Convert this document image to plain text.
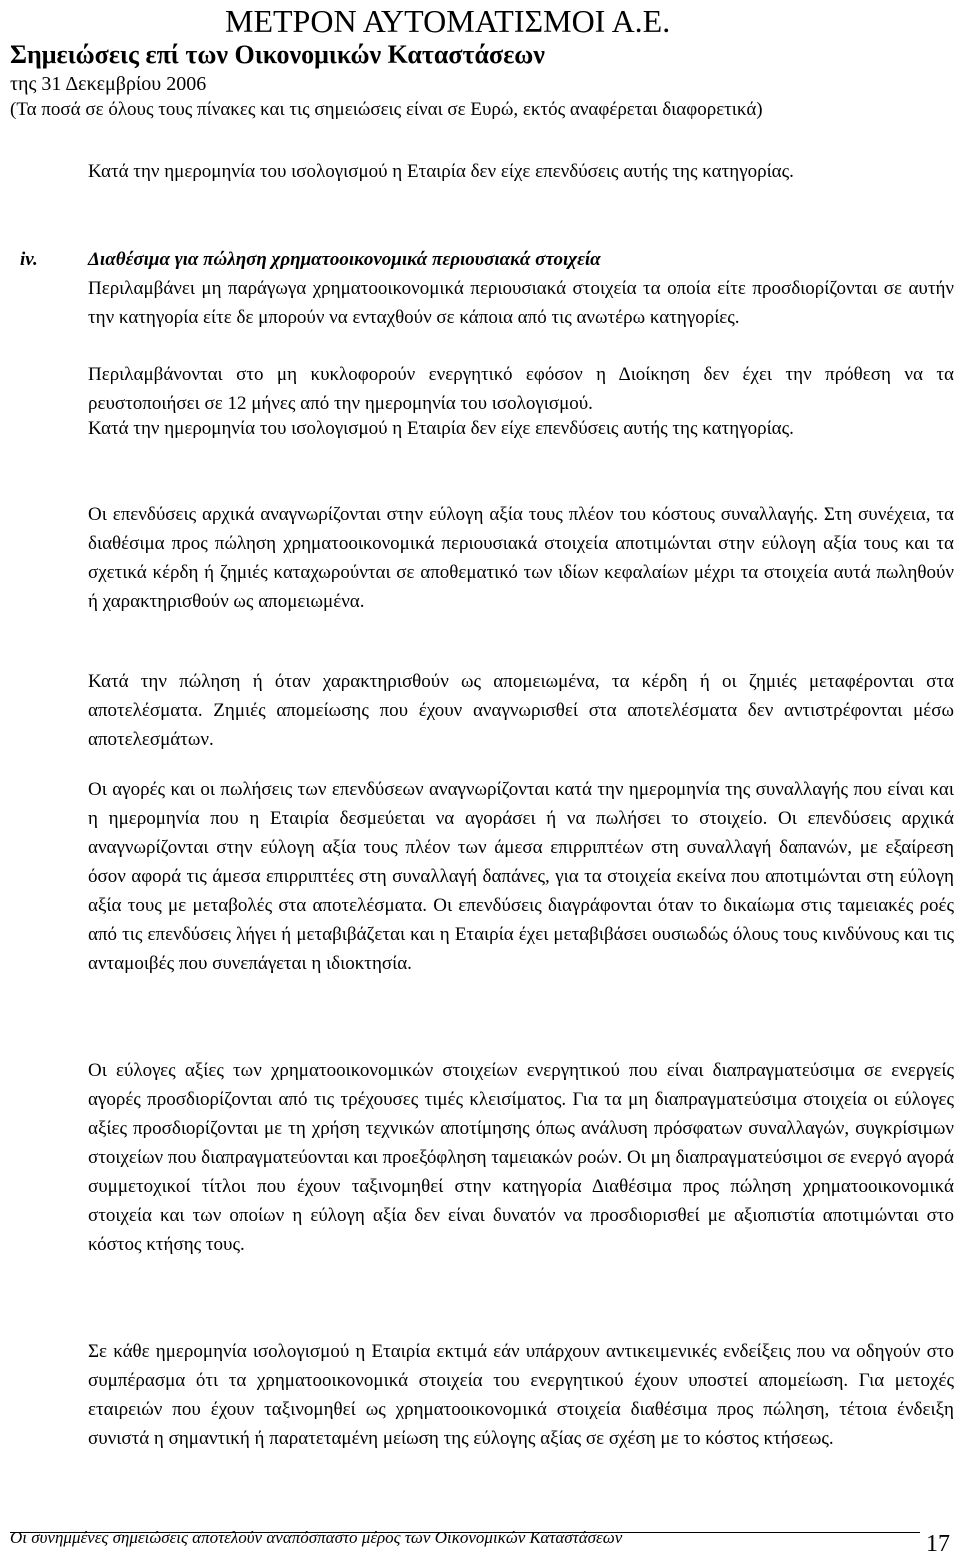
ΜΕΤΡΟΝ ΑΥΤΟΜΑΤΙΣΜΟΙ Α.Ε.
Σημειώσεις επί των Οικονομικών Καταστάσεων
της 31 Δεκεμβρίου 2006
(Τα ποσά σε όλους τους πίνακες και τις σημειώσεις είναι σε Ευρώ, εκτός αναφέρεται διαφορετικά)

Κατά την ημερομηνία του ισολογισμού η Εταιρία δεν είχε επενδύσεις αυτής της κατηγορίας.

iv.	Διαθέσιμα για πώληση χρηματοοικονομικά περιουσιακά στοιχεία

Περιλαμβάνει μη παράγωγα χρηματοοικονομικά περιουσιακά στοιχεία τα οποία είτε προσδιορίζονται σε αυτήν την κατηγορία είτε δε μπορούν να ενταχθούν σε κάποια από τις ανωτέρω κατηγορίες.

Περιλαμβάνονται στο μη κυκλοφορούν ενεργητικό εφόσον η Διοίκηση δεν έχει την πρόθεση να τα ρευστοποιήσει σε 12 μήνες από την ημερομηνία του ισολογισμού.

Κατά την ημερομηνία του ισολογισμού η Εταιρία δεν είχε επενδύσεις αυτής της κατηγορίας.

Οι επενδύσεις αρχικά αναγνωρίζονται στην εύλογη αξία τους πλέον του κόστους συναλλαγής. Στη συνέχεια, τα διαθέσιμα προς πώληση χρηματοοικονομικά περιουσιακά στοιχεία αποτιμώνται στην εύλογη αξία τους και τα σχετικά κέρδη ή ζημιές καταχωρούνται σε αποθεματικό των ιδίων κεφαλαίων μέχρι τα στοιχεία αυτά πωληθούν ή χαρακτηρισθούν ως απομειωμένα.

Κατά την πώληση ή όταν χαρακτηρισθούν ως απομειωμένα, τα κέρδη ή οι ζημιές μεταφέρονται στα αποτελέσματα. Ζημιές απομείωσης που έχουν αναγνωρισθεί στα αποτελέσματα δεν αντιστρέφονται μέσω αποτελεσμάτων.

Οι αγορές και οι πωλήσεις των επενδύσεων αναγνωρίζονται κατά την ημερομηνία της συναλλαγής που είναι και η ημερομηνία που η Εταιρία δεσμεύεται να αγοράσει ή να πωλήσει το στοιχείο. Οι επενδύσεις αρχικά αναγνωρίζονται στην εύλογη αξία τους πλέον των άμεσα επιρριπτέων στη συναλλαγή δαπανών, με εξαίρεση όσον αφορά τις άμεσα επιρριπτέες στη συναλλαγή δαπάνες, για τα στοιχεία εκείνα που αποτιμώνται στη εύλογη αξία τους με μεταβολές στα αποτελέσματα. Οι επενδύσεις διαγράφονται όταν το δικαίωμα στις ταμειακές ροές από τις επενδύσεις λήγει ή μεταβιβάζεται και η Εταιρία έχει μεταβιβάσει ουσιωδώς όλους τους κινδύνους και τις ανταμοιβές που συνεπάγεται η ιδιοκτησία.

Οι εύλογες αξίες των χρηματοοικονομικών στοιχείων ενεργητικού που είναι διαπραγματεύσιμα σε ενεργείς αγορές προσδιορίζονται από τις τρέχουσες τιμές κλεισίματος. Για τα μη διαπραγματεύσιμα στοιχεία οι εύλογες αξίες προσδιορίζονται με τη χρήση τεχνικών αποτίμησης όπως ανάλυση πρόσφατων συναλλαγών, συγκρίσιμων στοιχείων που διαπραγματεύονται και προεξόφληση ταμειακών ροών. Οι μη διαπραγματεύσιμοι σε ενεργό αγορά συμμετοχικοί τίτλοι που έχουν ταξινομηθεί στην κατηγορία Διαθέσιμα προς πώληση χρηματοοικονομικά στοιχεία και των οποίων η εύλογη αξία δεν είναι δυνατόν να προσδιορισθεί με αξιοπιστία αποτιμώνται στο κόστος κτήσης τους.

Σε κάθε ημερομηνία ισολογισμού η Εταιρία εκτιμά εάν υπάρχουν αντικειμενικές ενδείξεις που να οδηγούν στο συμπέρασμα ότι τα χρηματοοικονομικά στοιχεία του ενεργητικού έχουν υποστεί απομείωση. Για μετοχές εταιρειών που έχουν ταξινομηθεί ως χρηματοοικονομικά στοιχεία διαθέσιμα προς πώληση, τέτοια ένδειξη συνιστά η σημαντική ή παρατεταμένη μείωση της εύλογης αξίας σε σχέση με το κόστος κτήσεως.

Οι συνημμένες σημειώσεις αποτελούν αναπόσπαστο μέρος των Οικονομικών Καταστάσεων	17
